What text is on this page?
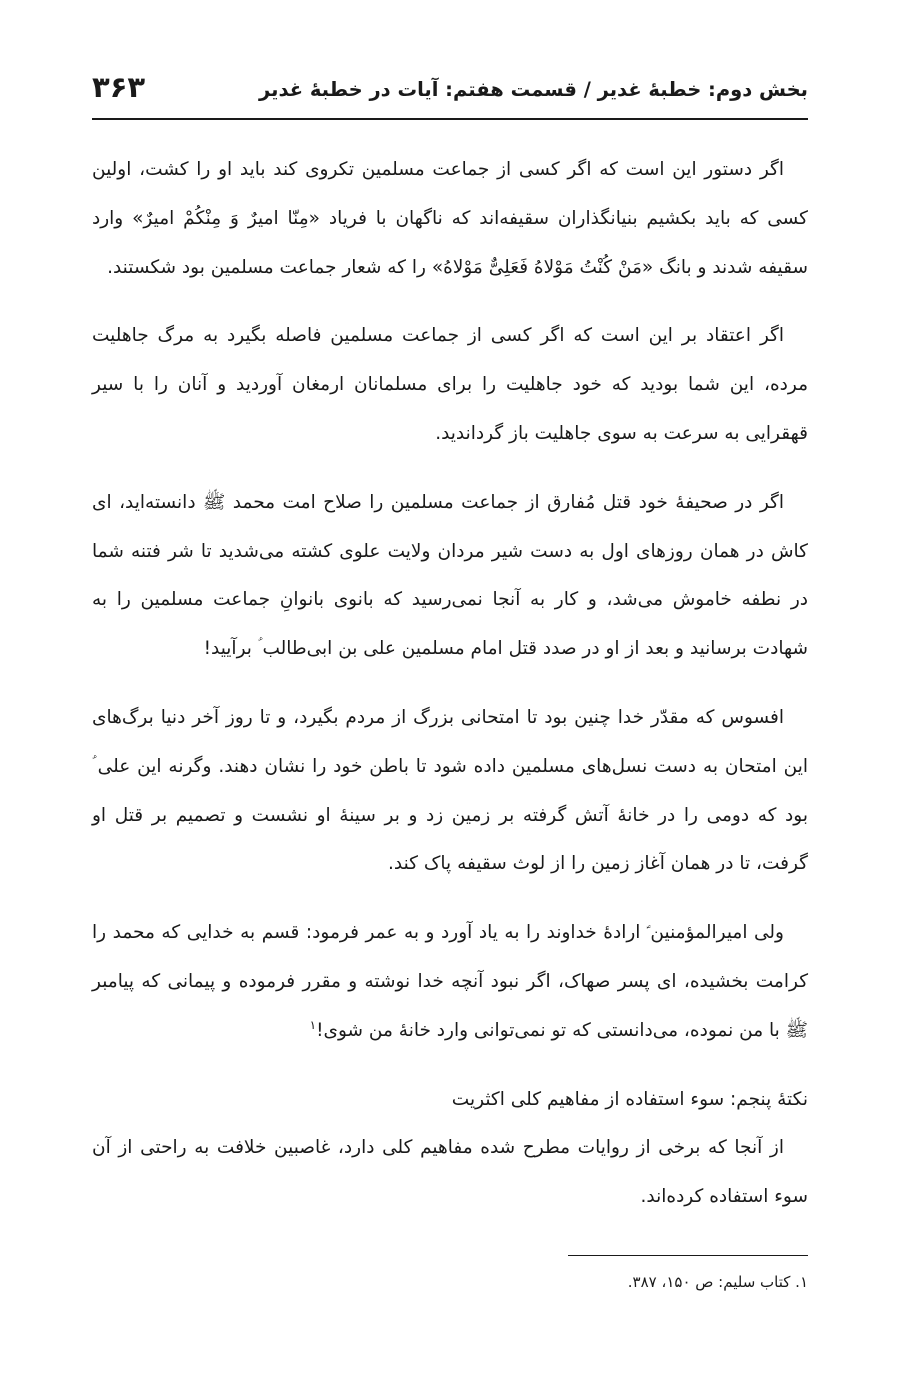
۳۶۳	بخش دوم: خطبۀ غدیر / قسمت هفتم: آیات در خطبۀ غدیر

اگر دستور این است که اگر کسی از جماعت مسلمین تکروی کند باید او را کشت، اولین کسی که باید بکشیم بنیانگذاران سقیفه‌اند که ناگهان با فریاد «مِنّا امیرٌ وَ مِنْکُمْ امیرٌ» وارد سقیفه شدند و بانگ «مَنْ کُنْتُ مَوْلاهُ فَعَلِیٌّ مَوْلاهُ» را که شعار جماعت مسلمین بود شکستند.

اگر اعتقاد بر این است که اگر کسی از جماعت مسلمین فاصله بگیرد به مرگ جاهلیت مرده، این شما بودید که خود جاهلیت را برای مسلمانان ارمغان آوردید و آنان را با سیر قهقرایی به سرعت به سوی جاهلیت باز گرداندید.

اگر در صحیفۀ خود قتل مُفارق از جماعت مسلمین را صلاح امت محمد ﷺ دانسته‌اید، ای کاش در همان روزهای اول به دست شیر مردان ولایت علوی کشته می‌شدید تا شر فتنه شما در نطفه خاموش می‌شد، و کار به آنجا نمی‌رسید که بانوی بانوانِ جماعت مسلمین را به شهادت برسانید و بعد از او در صدد قتل امام مسلمین علی بن ابی‌طالب ؑ برآیید!

افسوس که مقدّر خدا چنین بود تا امتحانی بزرگ از مردم بگیرد، و تا روز آخر دنیا برگ‌های این امتحان به دست نسل‌های مسلمین داده شود تا باطن خود را نشان دهند. وگرنه این علی ؑ بود که دومی را در خانۀ آتش گرفته بر زمین زد و بر سینۀ او نشست و تصمیم بر قتل او گرفت، تا در همان آغاز زمین را از لوث سقیفه پاک کند.

ولی امیرالمؤمنین ؑ ارادۀ خداوند را به یاد آورد و به عمر فرمود: قسم به خدایی که محمد را کرامت بخشیده، ای پسر صهاک، اگر نبود آنچه خدا نوشته و مقرر فرموده و پیمانی که پیامبر ﷺ با من نموده، می‌دانستی که تو نمی‌توانی وارد خانۀ من شوی!$^۱$

نکتۀ پنجم: سوء استفاده از مفاهیم کلی اکثریت

از آنجا که برخی از روایات مطرح شده مفاهیم کلی دارد، غاصبین خلافت به راحتی از آن سوء استفاده کرده‌اند.

۱. کتاب سلیم: ص ۱۵۰، ۳۸۷.
